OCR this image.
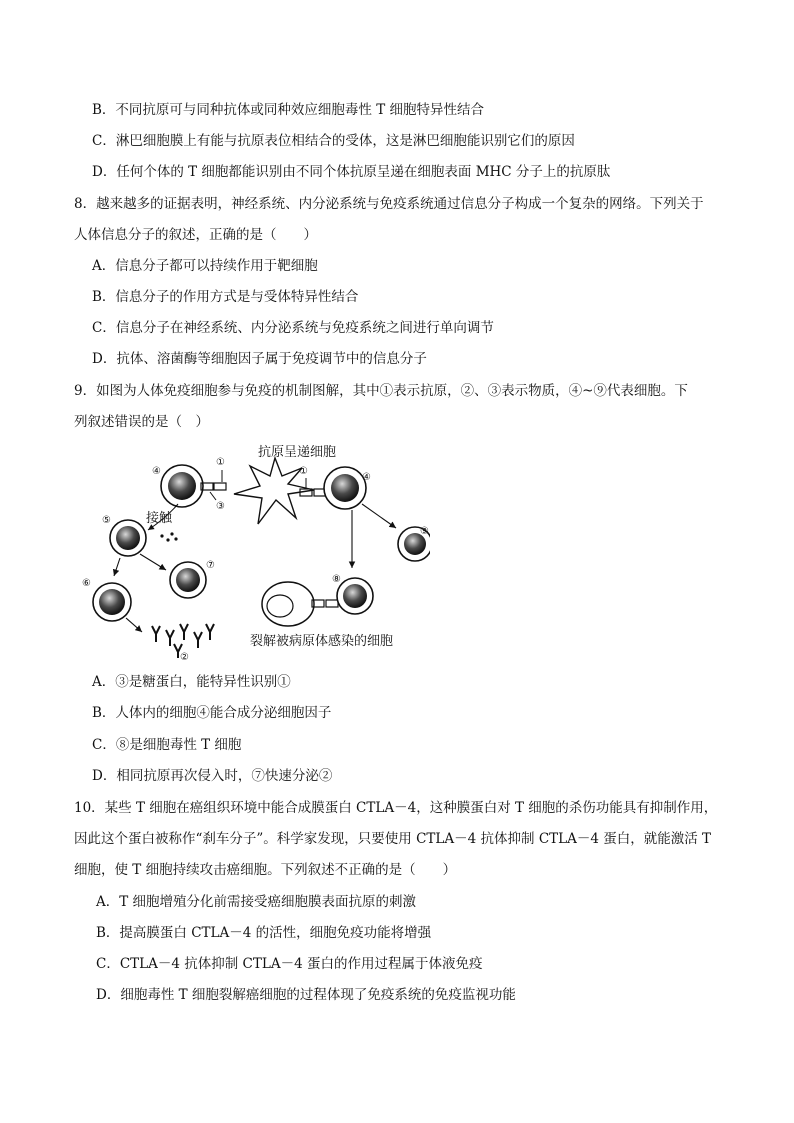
B．不同抗原可与同种抗体或同种效应细胞毒性 T 细胞特异性结合
C．淋巴细胞膜上有能与抗原表位相结合的受体，这是淋巴细胞能识别它们的原因
D．任何个体的 T 细胞都能识别由不同个体抗原呈递在细胞表面 MHC 分子上的抗原肽
8．越来越多的证据表明，神经系统、内分泌系统与免疫系统通过信息分子构成一个复杂的网络。下列关于
人体信息分子的叙述，正确的是（　　）
A．信息分子都可以持续作用于靶细胞
B．信息分子的作用方式是与受体特异性结合
C．信息分子在神经系统、内分泌系统与免疫系统之间进行单向调节
D．抗体、溶菌酶等细胞因子属于免疫调节中的信息分子
9．如图为人体免疫细胞参与免疫的机制图解，其中①表示抗原，②、③表示物质，④~⑨代表细胞。下
列叙述错误的是（　）
④
①
③
抗原呈递细胞
①
④
⑨
⑧
裂解被病原体感染的细胞
⑤	接触
⑦
⑥
②
A．③是糖蛋白，能特异性识别①
B．人体内的细胞④能合成分泌细胞因子
C．⑧是细胞毒性 T 细胞
D．相同抗原再次侵入时，⑦快速分泌②
10．某些 T 细胞在癌组织环境中能合成膜蛋白 CTLA－4，这种膜蛋白对 T 细胞的杀伤功能具有抑制作用，
因此这个蛋白被称作“刹车分子”。科学家发现，只要使用 CTLA－4 抗体抑制 CTLA－4 蛋白，就能激活 T
细胞，使 T 细胞持续攻击癌细胞。下列叙述不正确的是（　　）
A．T 细胞增殖分化前需接受癌细胞膜表面抗原的刺激
B．提高膜蛋白 CTLA－4 的活性，细胞免疫功能将增强
C．CTLA－4 抗体抑制 CTLA－4 蛋白的作用过程属于体液免疫
D．细胞毒性 T 细胞裂解癌细胞的过程体现了免疫系统的免疫监视功能
